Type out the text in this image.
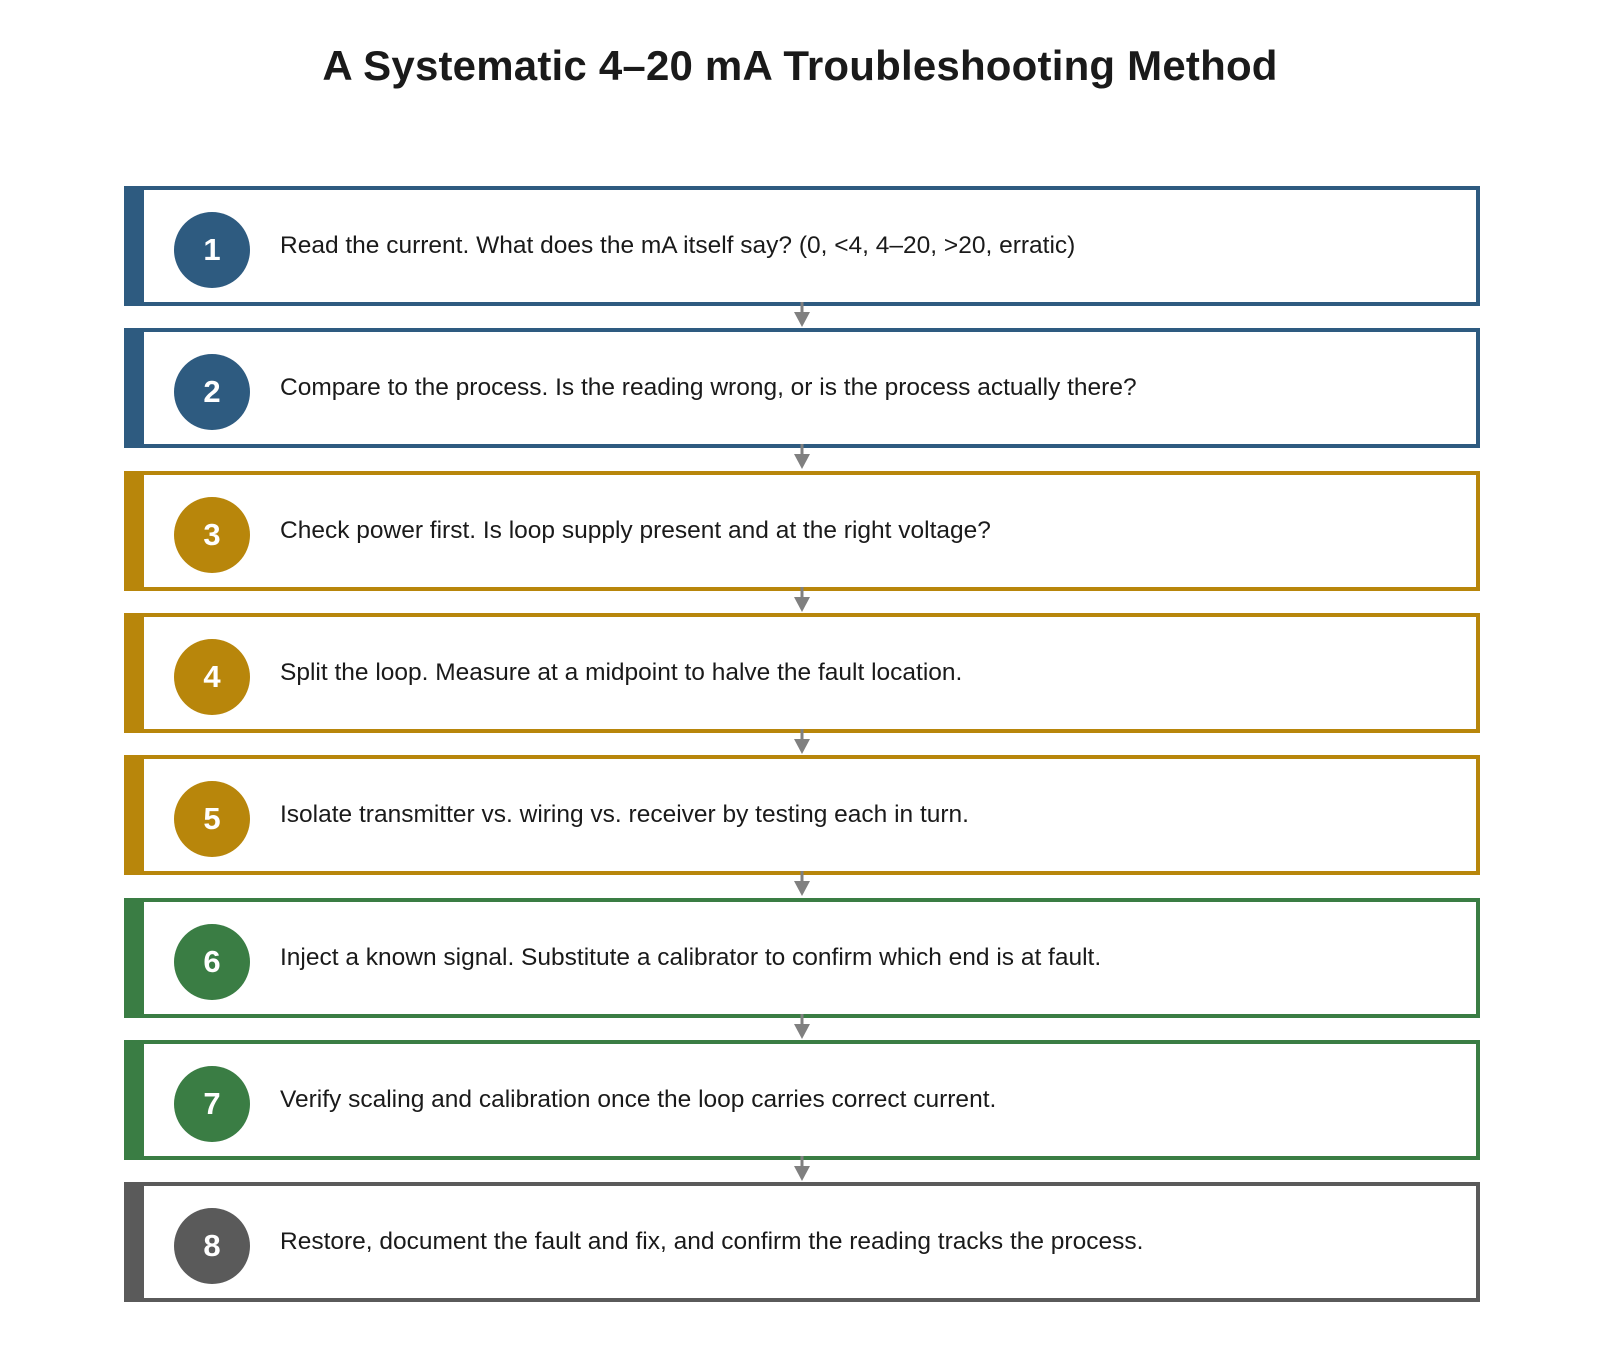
A Systematic 4–20 mA Troubleshooting Method
1	Read the current. What does the mA itself say? (0, <4, 4–20, >20, erratic)
2	Compare to the process. Is the reading wrong, or is the process actually there?
3	Check power first. Is loop supply present and at the right voltage?
4	Split the loop. Measure at a midpoint to halve the fault location.
5	Isolate transmitter vs. wiring vs. receiver by testing each in turn.
6	Inject a known signal. Substitute a calibrator to confirm which end is at fault.
7	Verify scaling and calibration once the loop carries correct current.
8	Restore, document the fault and fix, and confirm the reading tracks the process.
